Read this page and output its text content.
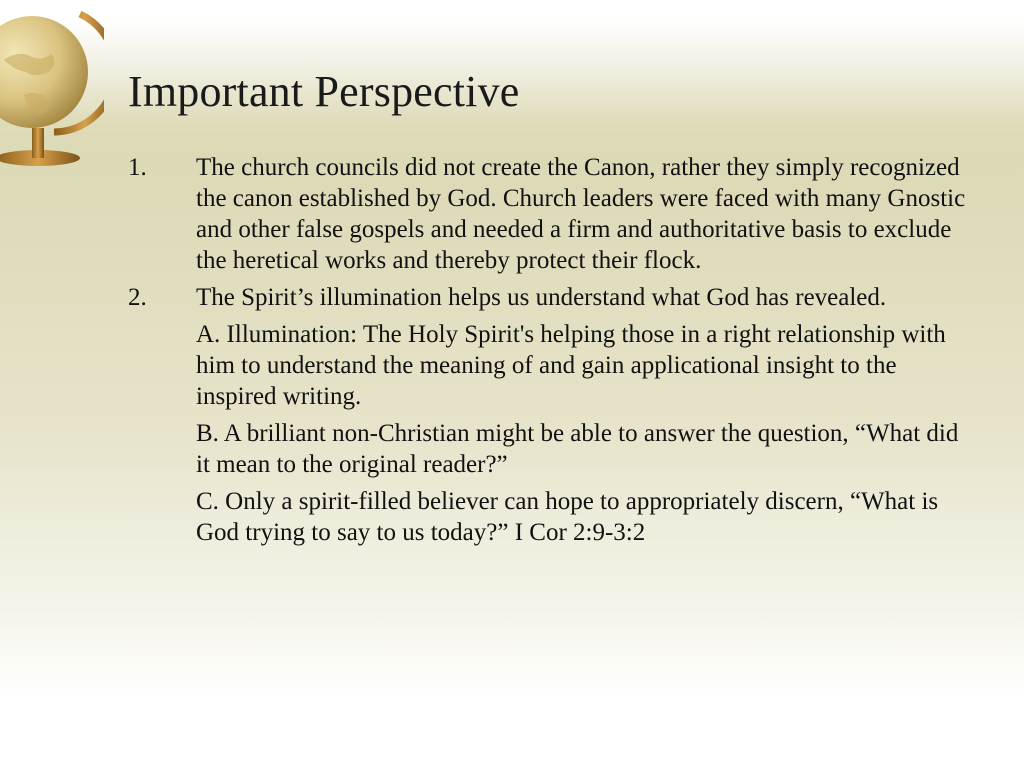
Important Perspective
1.	The church councils did not create the Canon, rather they simply recognized the canon established by God. Church leaders were faced with many Gnostic and other false gospels and needed a firm and authoritative basis to exclude the heretical works and thereby protect their flock.
2.	The Spirit’s illumination helps us understand what God has revealed.
A. Illumination: The Holy Spirit's helping those in a right relationship with him to understand the meaning of and gain applicational insight to the inspired writing.
B. A brilliant non-Christian might be able to answer the question, “What did it mean to the original reader?”
C. Only a spirit-filled believer can hope to appropriately discern, “What is God trying to say to us today?” I Cor 2:9-3:2
